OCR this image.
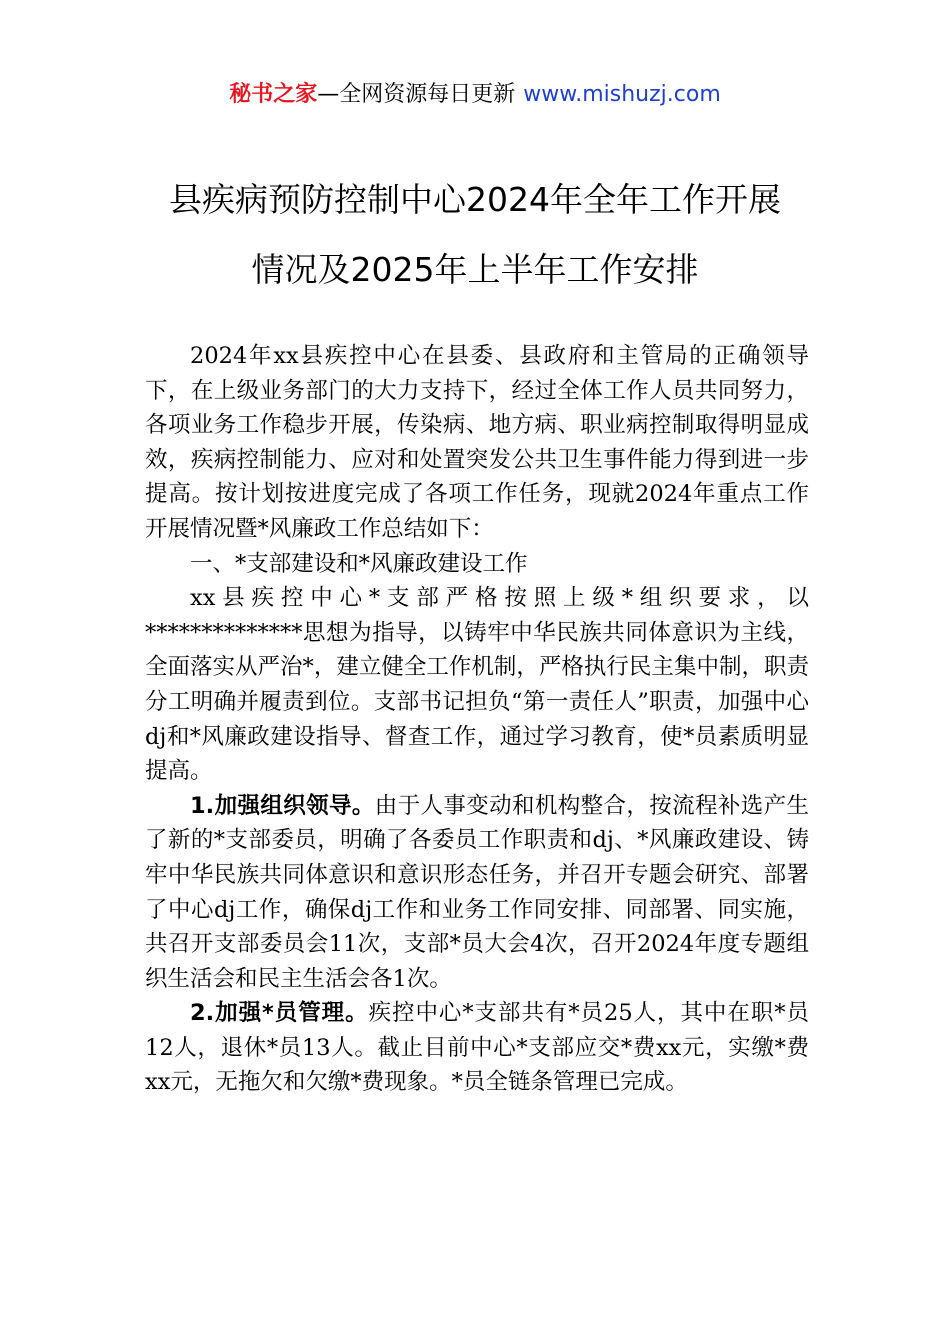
秘书之家—全网资源每日更新 www.mishuzj.com
县疾病预防控制中心2024年全年工作开展
情况及2025年上半年工作安排

2024年xx县疾控中心在县委、县政府和主管局的正确领导下，在上级业务部门的大力支持下，经过全体工作人员共同努力，各项业务工作稳步开展，传染病、地方病、职业病控制取得明显成效，疾病控制能力、应对和处置突发公共卫生事件能力得到进一步提高。按计划按进度完成了各项工作任务，现就2024年重点工作开展情况暨*风廉政工作总结如下：

一、*支部建设和*风廉政建设工作

xx县疾控中心*支部严格按照上级*组织要求，以**************思想为指导，以铸牢中华民族共同体意识为主线，全面落实从严治*，建立健全工作机制，严格执行民主集中制，职责分工明确并履责到位。支部书记担负“第一责任人”职责，加强中心dj和*风廉政建设指导、督查工作，通过学习教育，使*员素质明显提高。

1.加强组织领导。由于人事变动和机构整合，按流程补选产生了新的*支部委员，明确了各委员工作职责和dj、*风廉政建设、铸牢中华民族共同体意识和意识形态任务，并召开专题会研究、部署了中心dj工作，确保dj工作和业务工作同安排、同部署、同实施，共召开支部委员会11次，支部*员大会4次，召开2024年度专题组织生活会和民主生活会各1次。

2.加强*员管理。疾控中心*支部共有*员25人，其中在职*员12人，退休*员13人。截止目前中心*支部应交*费xx元，实缴*费xx元，无拖欠和欠缴*费现象。*员全链条管理已完成。
